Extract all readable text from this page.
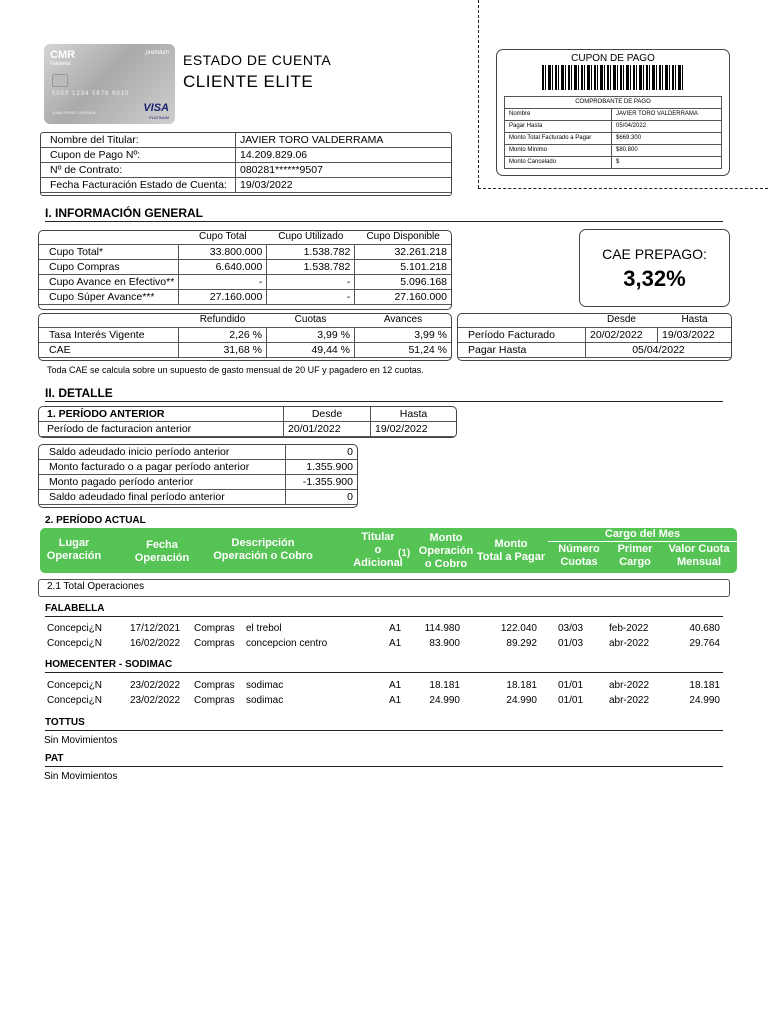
CMR
Falabella
premium
5000 1234 5678 9010
JUAN PEREZ LARRAIN	VISA
PLATINUM
ESTADO DE CUENTA
CLIENTE ELITE
CUPON DE PAGO
COMPROBANTE DE PAGO	
Nombre	JAVIER TORO VALDERRAMA
Pagar Hasta	05/04/2022
Monto Total Facturado a Pagar	$669.300
Monto Mínimo	$80.800
Monto Cancelado	$
Nombre del Titular:	JAVIER TORO VALDERRAMA
Cupon de Pago Nº:	14.209.829.06
Nº de Contrato:	080281******9507
Fecha Facturación Estado de Cuenta:	19/03/2022
I. INFORMACIÓN GENERAL
	Cupo Total	Cupo Utilizado	Cupo Disponible
Cupo Total*	33.800.000	1.538.782	32.261.218
Cupo Compras	6.640.000	1.538.782	5.101.218
Cupo Avance en Efectivo**	-	-	5.096.168
Cupo Súper Avance***	27.160.000	-	27.160.000
CAE PREPAGO:
3,32%
	Refundido	Cuotas	Avances
Tasa Interés Vigente	2,26 %	3,99 %	3,99 %
CAE	31,68 %	49,44 %	51,24 %
	Desde	Hasta
Período Facturado	20/02/2022	19/03/2022
Pagar Hasta	05/04/2022	
Toda CAE se calcula sobre un supuesto de gasto mensual de 20 UF y pagadero en 12 cuotas.
II. DETALLE
1. PERÍODO ANTERIOR	Desde	Hasta
Período de facturacion anterior	20/01/2022	19/02/2022
Saldo adeudado inicio período anterior	0
Monto facturado o a pagar período anterior	1.355.900
Monto pagado período anterior	-1.355.900
Saldo adeudado final período anterior	0
2. PERÍODO ACTUAL
Lugar
Operación
Fecha
Operación
Descripción
Operación o Cobro
Titular
o
Adicional
(1)
Monto
Operación
o Cobro
Monto
Total a Pagar
Cargo del Mes
Número
Cuotas
Primer
Cargo
Valor Cuota
Mensual
2.1 Total Operaciones
FALABELLA
Concepci¿N	17/12/2021 Compras el trebol	A1 114.980	122.040 03/03	feb-2022	40.680
Concepci¿N	16/02/2022 Compras concepcion centro	A1	83.900	89.292 01/03	abr-2022	29.764
HOMECENTER - SODIMAC
Concepci¿N	23/02/2022 Compras sodimac	A1	18.181	18.181 01/01	abr-2022	18.181
Concepci¿N	23/02/2022 Compras sodimac	A1	24.990	24.990 01/01	abr-2022	24.990
TOTTUS
Sin Movimientos
PAT
Sin Movimientos
